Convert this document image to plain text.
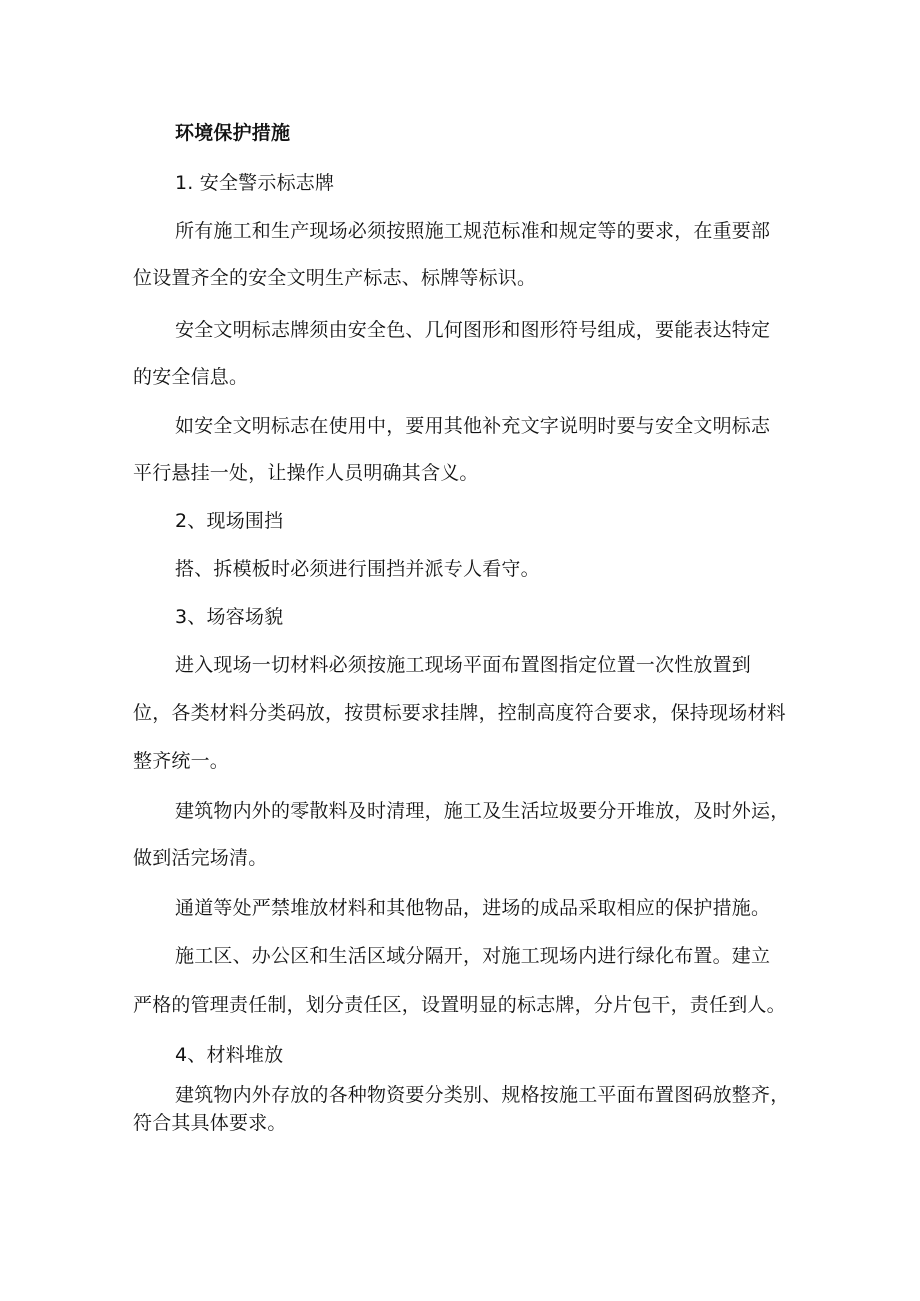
环境保护措施
1. 安全警示标志牌
所有施工和生产现场必须按照施工规范标准和规定等的要求，在重要部
位设置齐全的安全文明生产标志、标牌等标识。
安全文明标志牌须由安全色、几何图形和图形符号组成，要能表达特定
的安全信息。
如安全文明标志在使用中，要用其他补充文字说明时要与安全文明标志
平行悬挂一处，让操作人员明确其含义。
2、现场围挡
搭、拆模板时必须进行围挡并派专人看守。
3、场容场貌
进入现场一切材料必须按施工现场平面布置图指定位置一次性放置到
位，各类材料分类码放，按贯标要求挂牌，控制高度符合要求，保持现场材料
整齐统一。
建筑物内外的零散料及时清理，施工及生活垃圾要分开堆放，及时外运，
做到活完场清。
通道等处严禁堆放材料和其他物品，进场的成品采取相应的保护措施。
施工区、办公区和生活区域分隔开，对施工现场内进行绿化布置。建立
严格的管理责任制，划分责任区，设置明显的标志牌，分片包干，责任到人。
4、材料堆放
建筑物内外存放的各种物资要分类别、规格按施工平面布置图码放整齐，
符合其具体要求。
